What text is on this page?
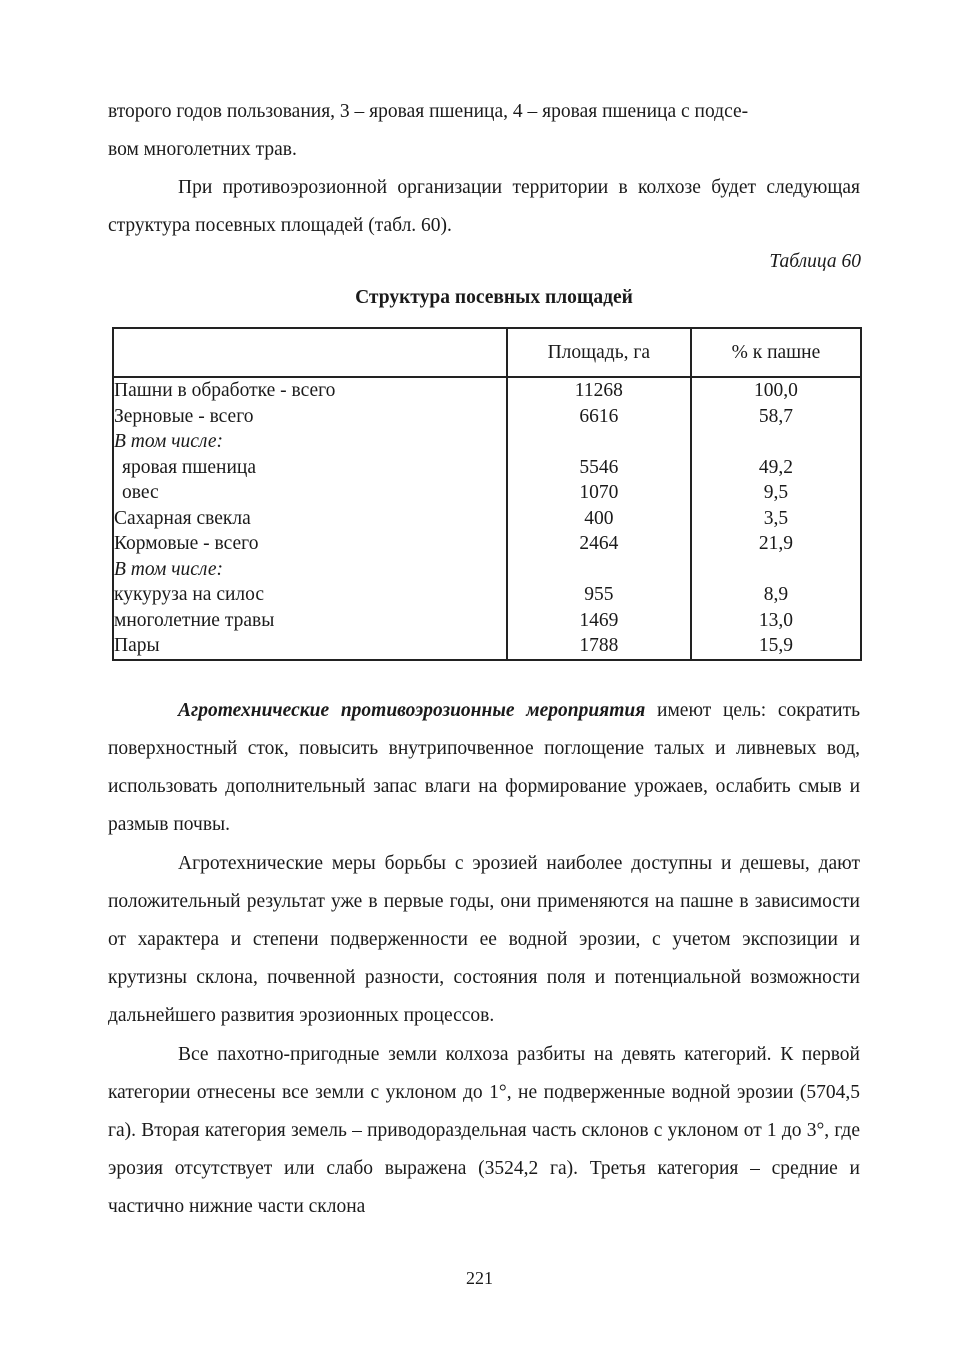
второго годов пользования, 3 – яровая пшеница, 4 – яровая пшеница с подсе-
вом многолетних трав.

При противоэрозионной организации территории в колхозе будет следующая структура посевных площадей (табл. 60).

Таблица 60
Структура посевных площадей
	Площадь, га	% к пашне
Пашни в обработке - всего	11268	100,0
Зерновые - всего	6616	58,7
В том числе:		
яровая пшеница	5546	49,2
овес	1070	9,5
Сахарная свекла	400	3,5
Кормовые - всего	2464	21,9
В том числе:		
кукуруза на силос	955	8,9
многолетние травы	1469	13,0
Пары	1788	15,9

Агротехнические противоэрозионные мероприятия имеют цель: сократить поверхностный сток, повысить внутрипочвенное поглощение талых и ливневых вод, использовать дополнительный запас влаги на формирование урожаев, ослабить смыв и размыв почвы.

Агротехнические меры борьбы с эрозией наиболее доступны и дешевы, дают положительный результат уже в первые годы, они применяются на пашне в зависимости от характера и степени подверженности ее водной эрозии, с учетом экспозиции и крутизны склона, почвенной разности, состояния поля и потенциальной возможности дальнейшего развития эрозионных процессов.

Все пахотно-пригодные земли колхоза разбиты на девять категорий. К первой категории отнесены все земли с уклоном до 1°, не подверженные водной эрозии (5704,5 га). Вторая категория земель – приводораздельная часть склонов с уклоном от 1 до 3°, где эрозия отсутствует или слабо выражена (3524,2 га). Третья категория – средние и частично нижние части склона

221
